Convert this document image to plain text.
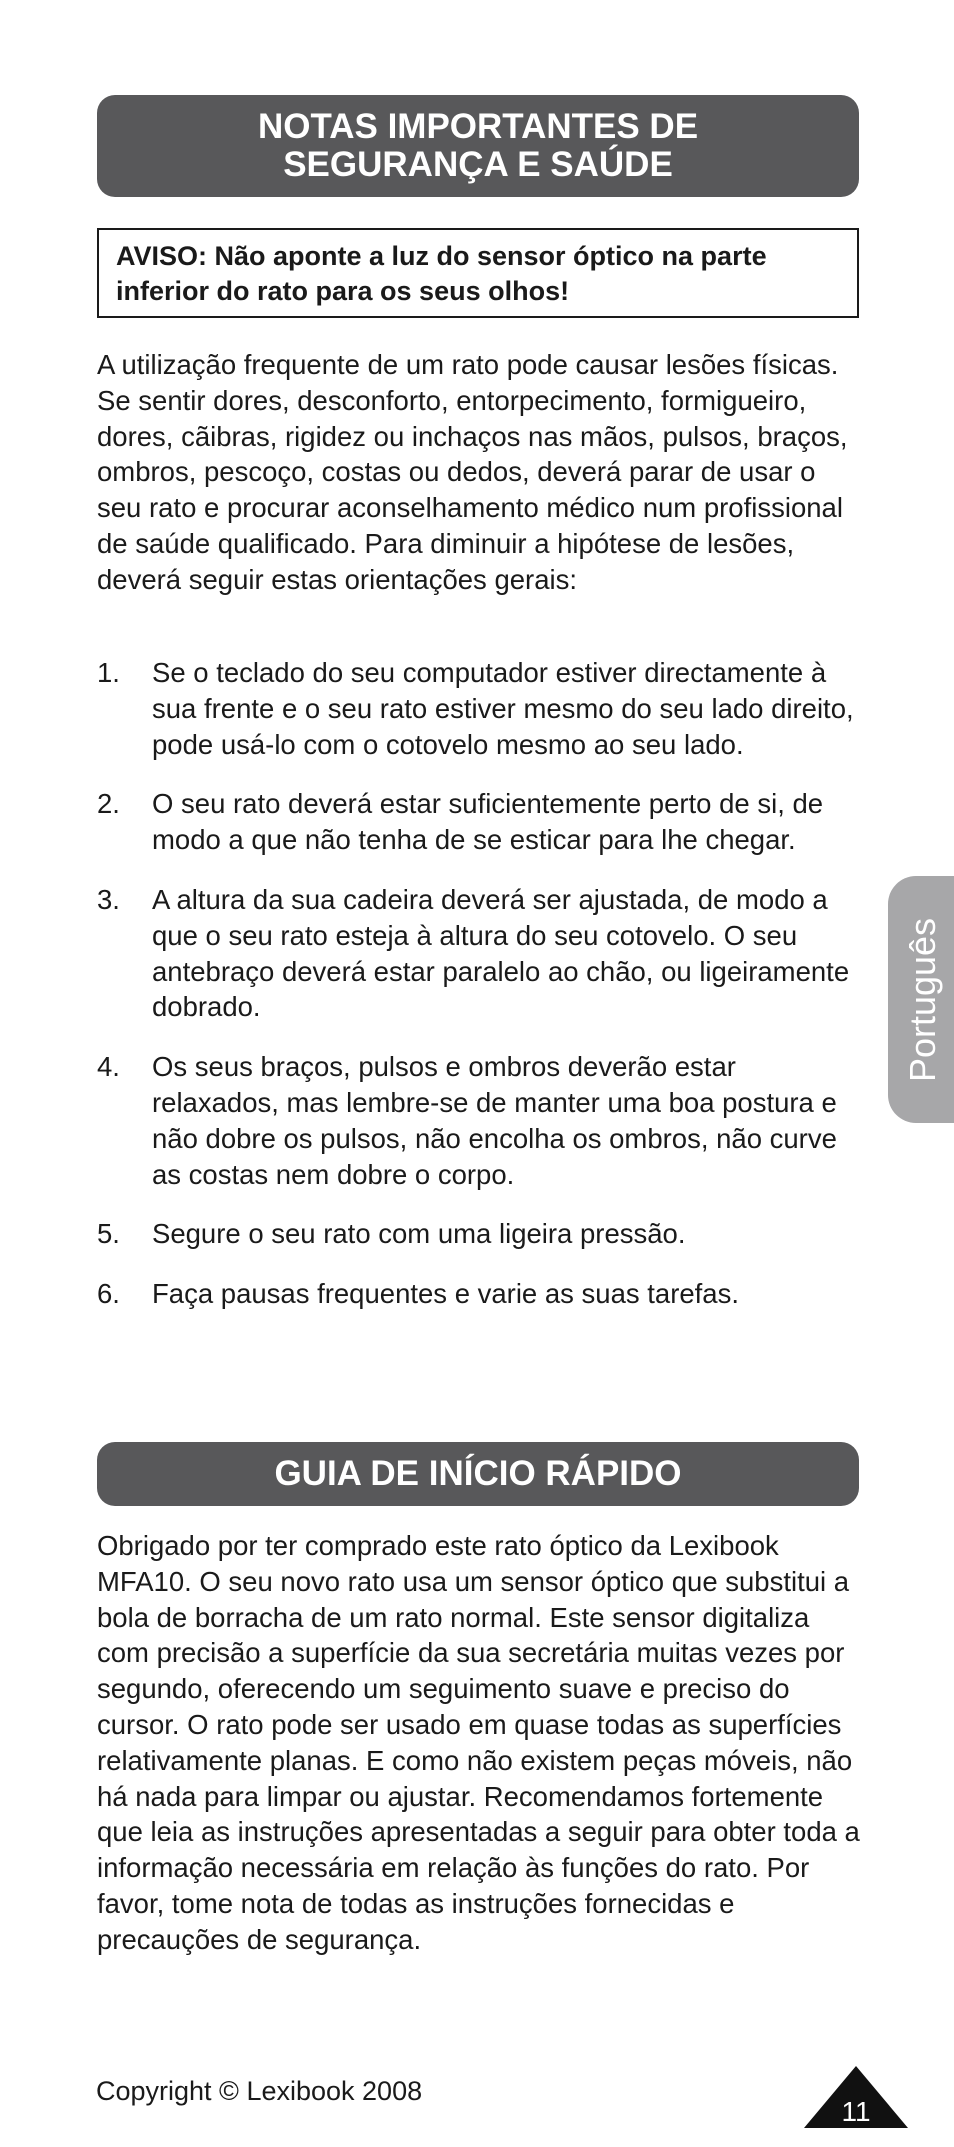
NOTAS IMPORTANTES DE
SEGURANÇA E SAÚDE
AVISO: Não aponte a luz do sensor óptico na parte inferior do rato para os seus olhos!

A utilização frequente de um rato pode causar lesões físicas. Se sentir dores, desconforto, entorpecimento, formigueiro, dores, cãibras, rigidez ou inchaços nas mãos, pulsos, braços, ombros, pescoço, costas ou dedos, deverá parar de usar o seu rato e procurar aconselhamento médico num profissional de saúde qualificado. Para diminuir a hipótese de lesões, deverá seguir estas orientações gerais:

1. Se o teclado do seu computador estiver directamente à sua frente e o seu rato estiver mesmo do seu lado direito, pode usá-lo com o cotovelo mesmo ao seu lado.
2. O seu rato deverá estar suficientemente perto de si, de modo a que não tenha de se esticar para lhe chegar.
3. A altura da sua cadeira deverá ser ajustada, de modo a que o seu rato esteja à altura do seu cotovelo. O seu antebraço deverá estar paralelo ao chão, ou ligeiramente dobrado.
4. Os seus braços, pulsos e ombros deverão estar relaxados, mas lembre-se de manter uma boa postura e não dobre os pulsos, não encolha os ombros, não curve as costas nem dobre o corpo.
5. Segure o seu rato com uma ligeira pressão.
6. Faça pausas frequentes e varie as suas tarefas.
GUIA DE INÍCIO RÁPIDO

Obrigado por ter comprado este rato óptico da Lexibook MFA10. O seu novo rato usa um sensor óptico que substitui a bola de borracha de um rato normal. Este sensor digitaliza com precisão a superfície da sua secretária muitas vezes por segundo, oferecendo um seguimento suave e preciso do cursor. O rato pode ser usado em quase todas as superfícies relativamente planas. E como não existem peças móveis, não há nada para limpar ou ajustar. Recomendamos fortemente que leia as instruções apresentadas a seguir para obter toda a informação necessária em relação às funções do rato. Por favor, tome nota de todas as instruções fornecidas e precauções de segurança.

Português
Copyright © Lexibook 2008
11
